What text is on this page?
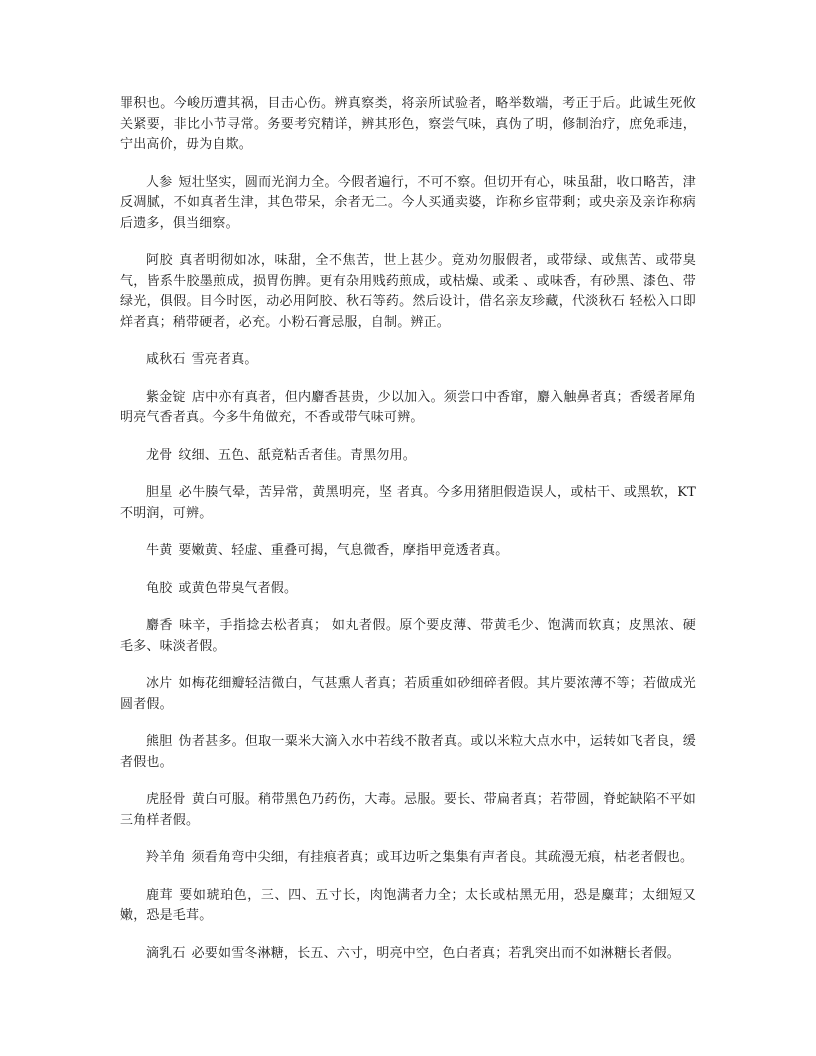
罪积也。今峻历遭其祸，目击心伤。辨真察类，将亲所试验者，略举数端，考正于后。此诚生死攸关紧要，非比小节寻常。务要考究精详，辨其形色，察尝气味，真伪了明，修制治疗，庶免乖违，宁出高价，毋为自欺。

人参 短壮坚实，圆而光润力全。今假者遍行，不可不察。但切开有心，味虽甜，收口略苦，津反凋腻，不如真者生津，其色带呆，余者无二。今人买通卖婆，诈称乡宦带剩；或央亲及亲诈称病后遗多，俱当细察。

阿胶 真者明彻如冰，味甜，全不焦苦，世上甚少。竟劝勿服假者，或带绿、或焦苦、或带臭气，皆系牛胶墨煎成，损胃伤脾。更有杂用贱药煎成，或枯燥、或柔 、或味香，有砂黑、漆色、带绿光，俱假。目今时医，动必用阿胶、秋石等药。然后设计，借名亲友珍藏，代淡秋石 轻松入口即烊者真；稍带硬者，必充。小粉石膏忌服，自制。辨正。

咸秋石 雪亮者真。

紫金锭 店中亦有真者，但内麝香甚贵，少以加入。须尝口中香窜，麝入触鼻者真；香缓者犀角 明亮气香者真。今多牛角做充，不香或带气味可辨。

龙骨 纹细、五色、舐竟粘舌者佳。青黑勿用。

胆星 必牛腠气晕，苦异常，黄黑明亮，坚 者真。今多用猪胆假造误人，或枯干、或黑软，KT 不明润，可辨。

牛黄 要嫩黄、轻虚、重叠可揭，气息微香，摩指甲竟透者真。

龟胶 或黄色带臭气者假。

麝香 味辛，手指捻去松者真； 如丸者假。原个要皮薄、带黄毛少、饱满而软真；皮黑浓、硬毛多、味淡者假。

冰片 如梅花细瓣轻洁微白，气甚熏人者真；若质重如砂细碎者假。其片要浓薄不等；若做成光圆者假。

熊胆 伪者甚多。但取一粟米大滴入水中若线不散者真。或以米粒大点水中，运转如飞者良，缓者假也。

虎胫骨 黄白可服。稍带黑色乃药伤，大毒。忌服。要长、带扁者真；若带圆，脊蛇缺陷不平如三角样者假。

羚羊角 须看角弯中尖细，有挂痕者真；或耳边听之集集有声者良。其疏漫无痕，枯老者假也。

鹿茸 要如琥珀色，三、四、五寸长，肉饱满者力全；太长或枯黑无用，恐是麋茸；太细短又嫩，恐是毛茸。

滴乳石 必要如雪冬淋糖，长五、六寸，明亮中空，色白者真；若乳突出而不如淋糖长者假。
